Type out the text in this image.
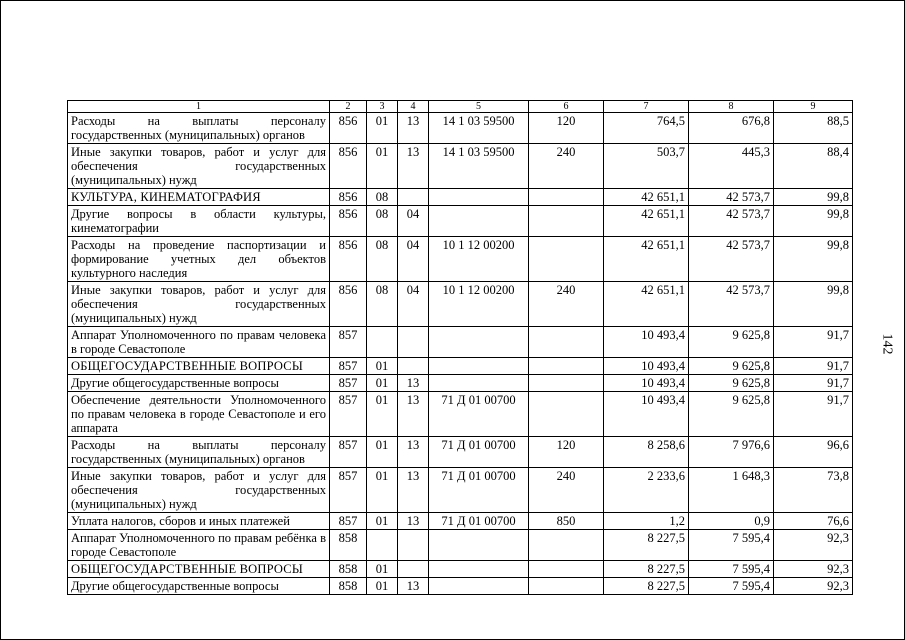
142
1	2	3	4	5	6	7	8	9
Расходы на выплаты персоналу государственных (муниципальных) органов	856	01	13	14 1 03 59500	120	764,5	676,8	88,5
Иные закупки товаров, работ и услуг для обеспечения государственных (муниципальных) нужд	856	01	13	14 1 03 59500	240	503,7	445,3	88,4
КУЛЬТУРА, КИНЕМАТОГРАФИЯ	856	08				42 651,1	42 573,7	99,8
Другие вопросы в области культуры, кинематографии	856	08	04			42 651,1	42 573,7	99,8
Расходы на проведение паспортизации и формирование учетных дел объектов культурного наследия	856	08	04	10 1 12 00200		42 651,1	42 573,7	99,8
Иные закупки товаров, работ и услуг для обеспечения государственных (муниципальных) нужд	856	08	04	10 1 12 00200	240	42 651,1	42 573,7	99,8
Аппарат Уполномоченного по правам человека в городе Севастополе	857					10 493,4	9 625,8	91,7
ОБЩЕГОСУДАРСТВЕННЫЕ ВОПРОСЫ	857	01				10 493,4	9 625,8	91,7
Другие общегосударственные вопросы	857	01	13			10 493,4	9 625,8	91,7
Обеспечение деятельности Уполномоченного по правам человека в городе Севастополе и его аппарата	857	01	13	71 Д 01 00700		10 493,4	9 625,8	91,7
Расходы на выплаты персоналу государственных (муниципальных) органов	857	01	13	71 Д 01 00700	120	8 258,6	7 976,6	96,6
Иные закупки товаров, работ и услуг для обеспечения государственных (муниципальных) нужд	857	01	13	71 Д 01 00700	240	2 233,6	1 648,3	73,8
Уплата налогов, сборов и иных платежей	857	01	13	71 Д 01 00700	850	1,2	0,9	76,6
Аппарат Уполномоченного по правам ребёнка в городе Севастополе	858					8 227,5	7 595,4	92,3
ОБЩЕГОСУДАРСТВЕННЫЕ ВОПРОСЫ	858	01				8 227,5	7 595,4	92,3
Другие общегосударственные вопросы	858	01	13			8 227,5	7 595,4	92,3
